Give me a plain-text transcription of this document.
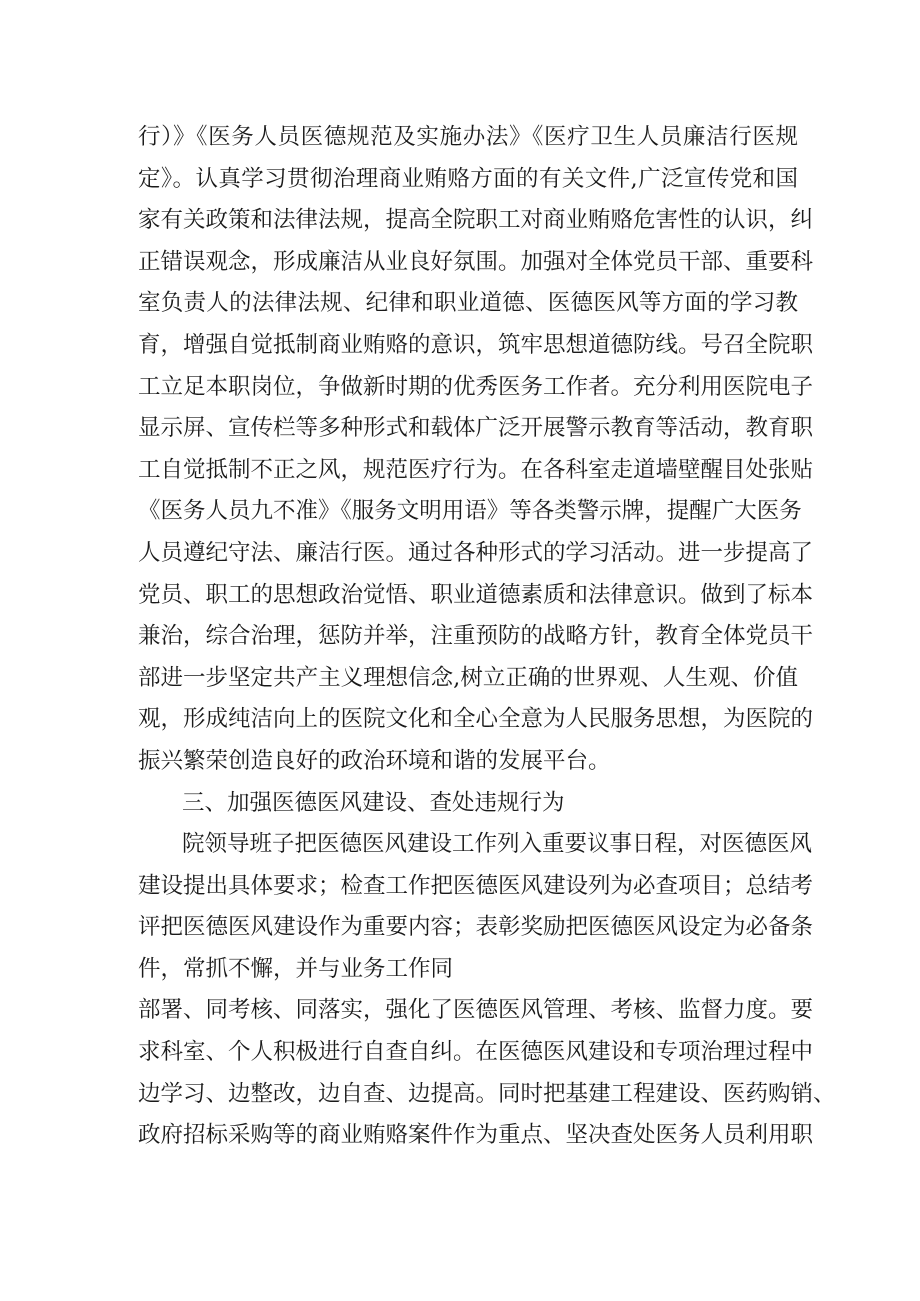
行）》《医务人员医德规范及实施办法》《医疗卫生人员廉洁行医规
定》。认真学习贯彻治理商业贿赂方面的有关文件,广泛宣传党和国
家有关政策和法律法规，提高全院职工对商业贿赂危害性的认识，纠
正错误观念，形成廉洁从业良好氛围。加强对全体党员干部、重要科
室负责人的法律法规、纪律和职业道德、医德医风等方面的学习教
育，增强自觉抵制商业贿赂的意识，筑牢思想道德防线。号召全院职
工立足本职岗位，争做新时期的优秀医务工作者。充分利用医院电子
显示屏、宣传栏等多种形式和载体广泛开展警示教育等活动，教育职
工自觉抵制不正之风，规范医疗行为。在各科室走道墙壁醒目处张贴
《医务人员九不准》《服务文明用语》等各类警示牌，提醒广大医务
人员遵纪守法、廉洁行医。通过各种形式的学习活动。进一步提高了
党员、职工的思想政治觉悟、职业道德素质和法律意识。做到了标本
兼治，综合治理，惩防并举，注重预防的战略方针，教育全体党员干
部进一步坚定共产主义理想信念,树立正确的世界观、人生观、价值
观，形成纯洁向上的医院文化和全心全意为人民服务思想，为医院的
振兴繁荣创造良好的政治环境和谐的发展平台。
三、加强医德医风建设、查处违规行为
院领导班子把医德医风建设工作列入重要议事日程，对医德医风
建设提出具体要求；检查工作把医德医风建设列为必查项目；总结考
评把医德医风建设作为重要内容；表彰奖励把医德医风设定为必备条
件，常抓不懈，并与业务工作同
部署、同考核、同落实，强化了医德医风管理、考核、监督力度。要
求科室、个人积极进行自查自纠。在医德医风建设和专项治理过程中
边学习、边整改，边自查、边提高。同时把基建工程建设、医药购销、
政府招标采购等的商业贿赂案件作为重点、坚决查处医务人员利用职
